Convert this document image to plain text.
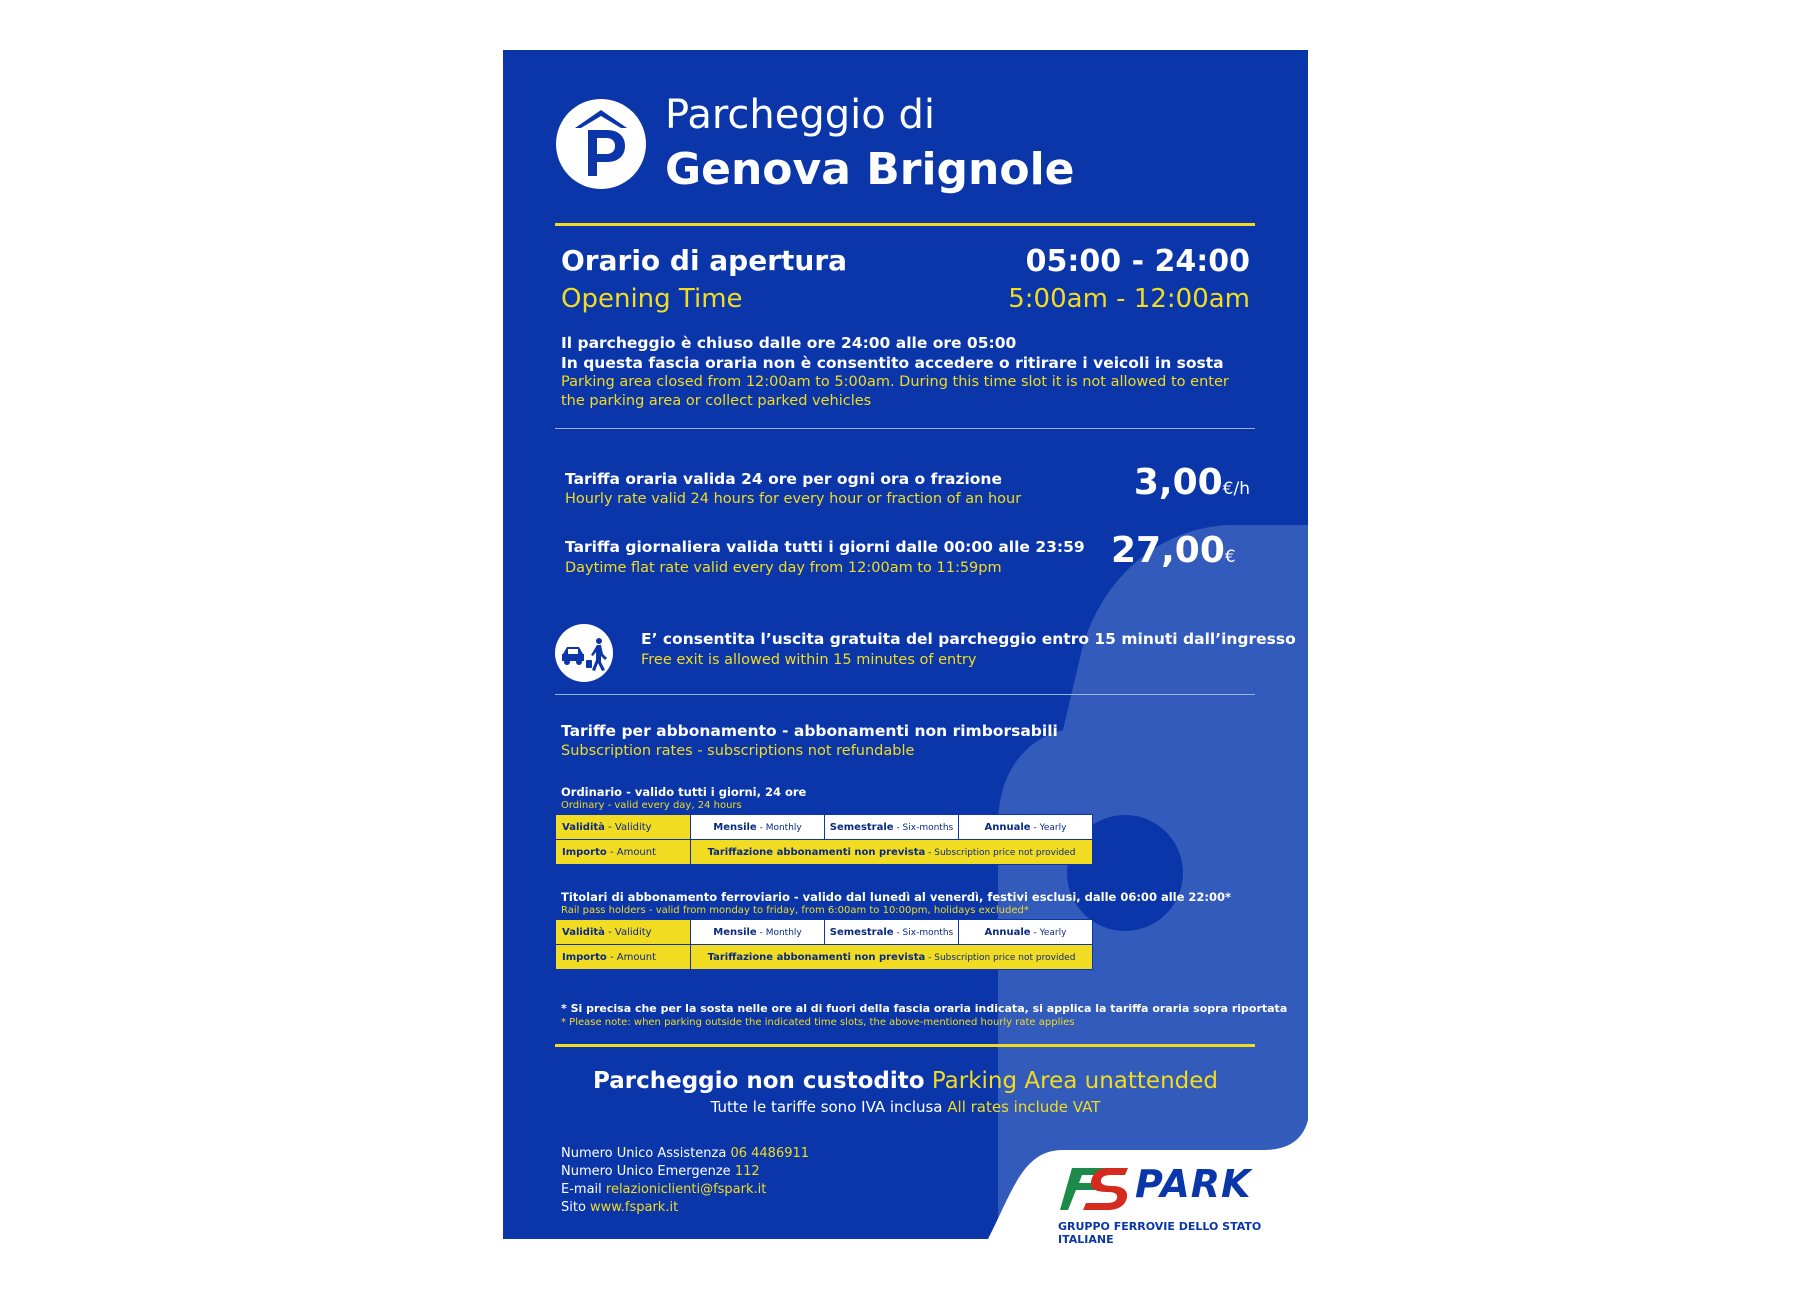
Parcheggio di
Genova Brignole
Orario di apertura	05:00 - 24:00
Opening Time	5:00am - 12:00am
Il parcheggio è chiuso dalle ore 24:00 alle ore 05:00
In questa fascia oraria non è consentito accedere o ritirare i veicoli in sosta
Parking area closed from 12:00am to 5:00am. During this time slot it is not allowed to enter
the parking area or collect parked vehicles
Tariffa oraria valida 24 ore per ogni ora o frazione
Hourly rate valid 24 hours for every hour or fraction of an hour	3,00€/h
Tariffa giornaliera valida tutti i giorni dalle 00:00 alle 23:59
Daytime flat rate valid every day from 12:00am to 11:59pm	27,00€
E’ consentita l’uscita gratuita del parcheggio entro 15 minuti dall’ingresso
Free exit is allowed within 15 minutes of entry
Tariffe per abbonamento - abbonamenti non rimborsabili
Subscription rates - subscriptions not refundable
Ordinario - valido tutti i giorni, 24 ore
Ordinary - valid every day, 24 hours
Validità - Validity	Mensile - Monthly	Semestrale - Six-months	Annuale - Yearly
Importo - Amount	Tariffazione abbonamenti non prevista - Subscription price not provided		
Titolari di abbonamento ferroviario - valido dal lunedì al venerdì, festivi esclusi, dalle 06:00 alle 22:00*
Rail pass holders - valid from monday to friday, from 6:00am to 10:00pm, holidays excluded*
Validità - Validity	Mensile - Monthly	Semestrale - Six-months	Annuale - Yearly
Importo - Amount	Tariffazione abbonamenti non prevista - Subscription price not provided		
* Si precisa che per la sosta nelle ore al di fuori della fascia oraria indicata, si applica la tariffa oraria sopra riportata
* Please note: when parking outside the indicated time slots, the above-mentioned hourly rate applies
Parcheggio non custodito Parking Area unattended
Tutte le tariffe sono IVA inclusa All rates include VAT
Numero Unico Assistenza 06 4486911
Numero Unico Emergenze 112
E-mail relazioniclienti@fspark.it
Sito www.fspark.it
PARK
GRUPPO FERROVIE DELLO STATO ITALIANE
